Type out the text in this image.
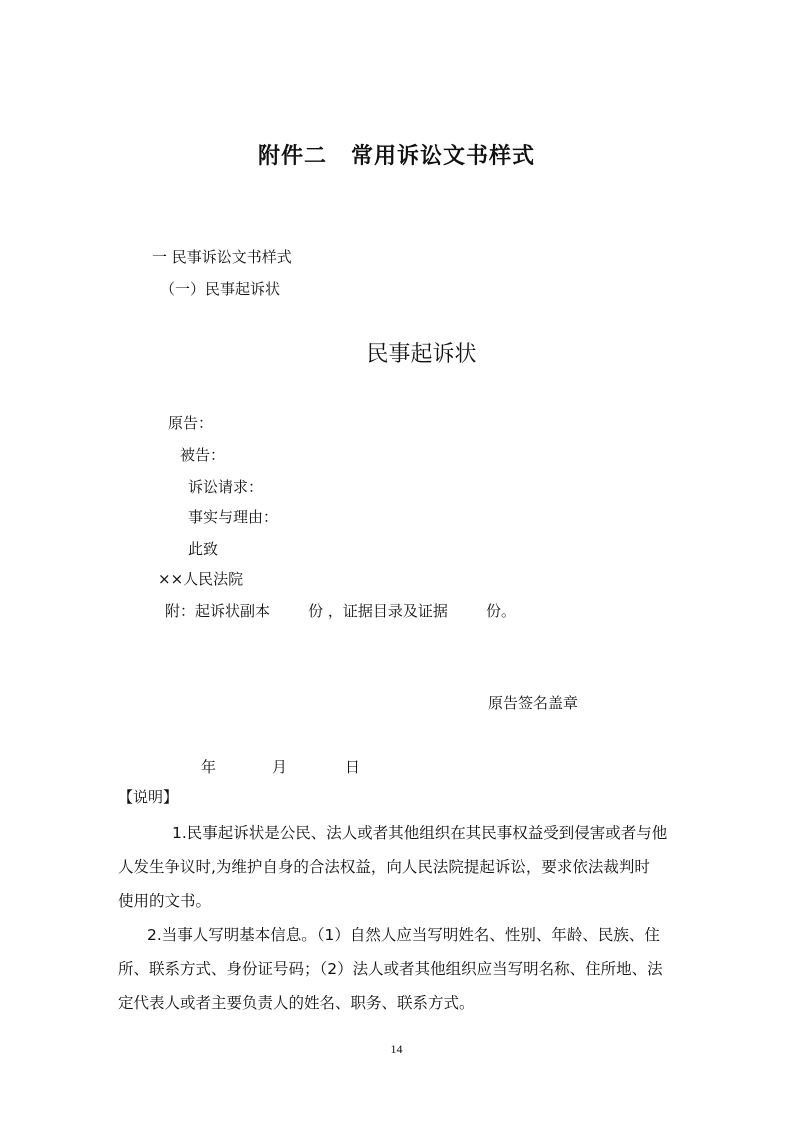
附件二 常用诉讼文书样式
一 民事诉讼文书样式
（一）民事起诉状
民事起诉状
原告：
被告：
诉讼请求：
事实与理由：
此致
××人民法院
附：起诉状副本        份 ，证据目录及证据        份。
原告签名盖章
年	月	日
【说明】
1.民事起诉状是公民、法人或者其他组织在其民事权益受到侵害或者与他
人发生争议时,为维护自身的合法权益，向人民法院提起诉讼，要求依法裁判时
使用的文书。
2.当事人写明基本信息。（1）自然人应当写明姓名、性别、年龄、民族、住
所、联系方式、身份证号码；（2）法人或者其他组织应当写明名称、住所地、法
定代表人或者主要负责人的姓名、职务、联系方式。
14
